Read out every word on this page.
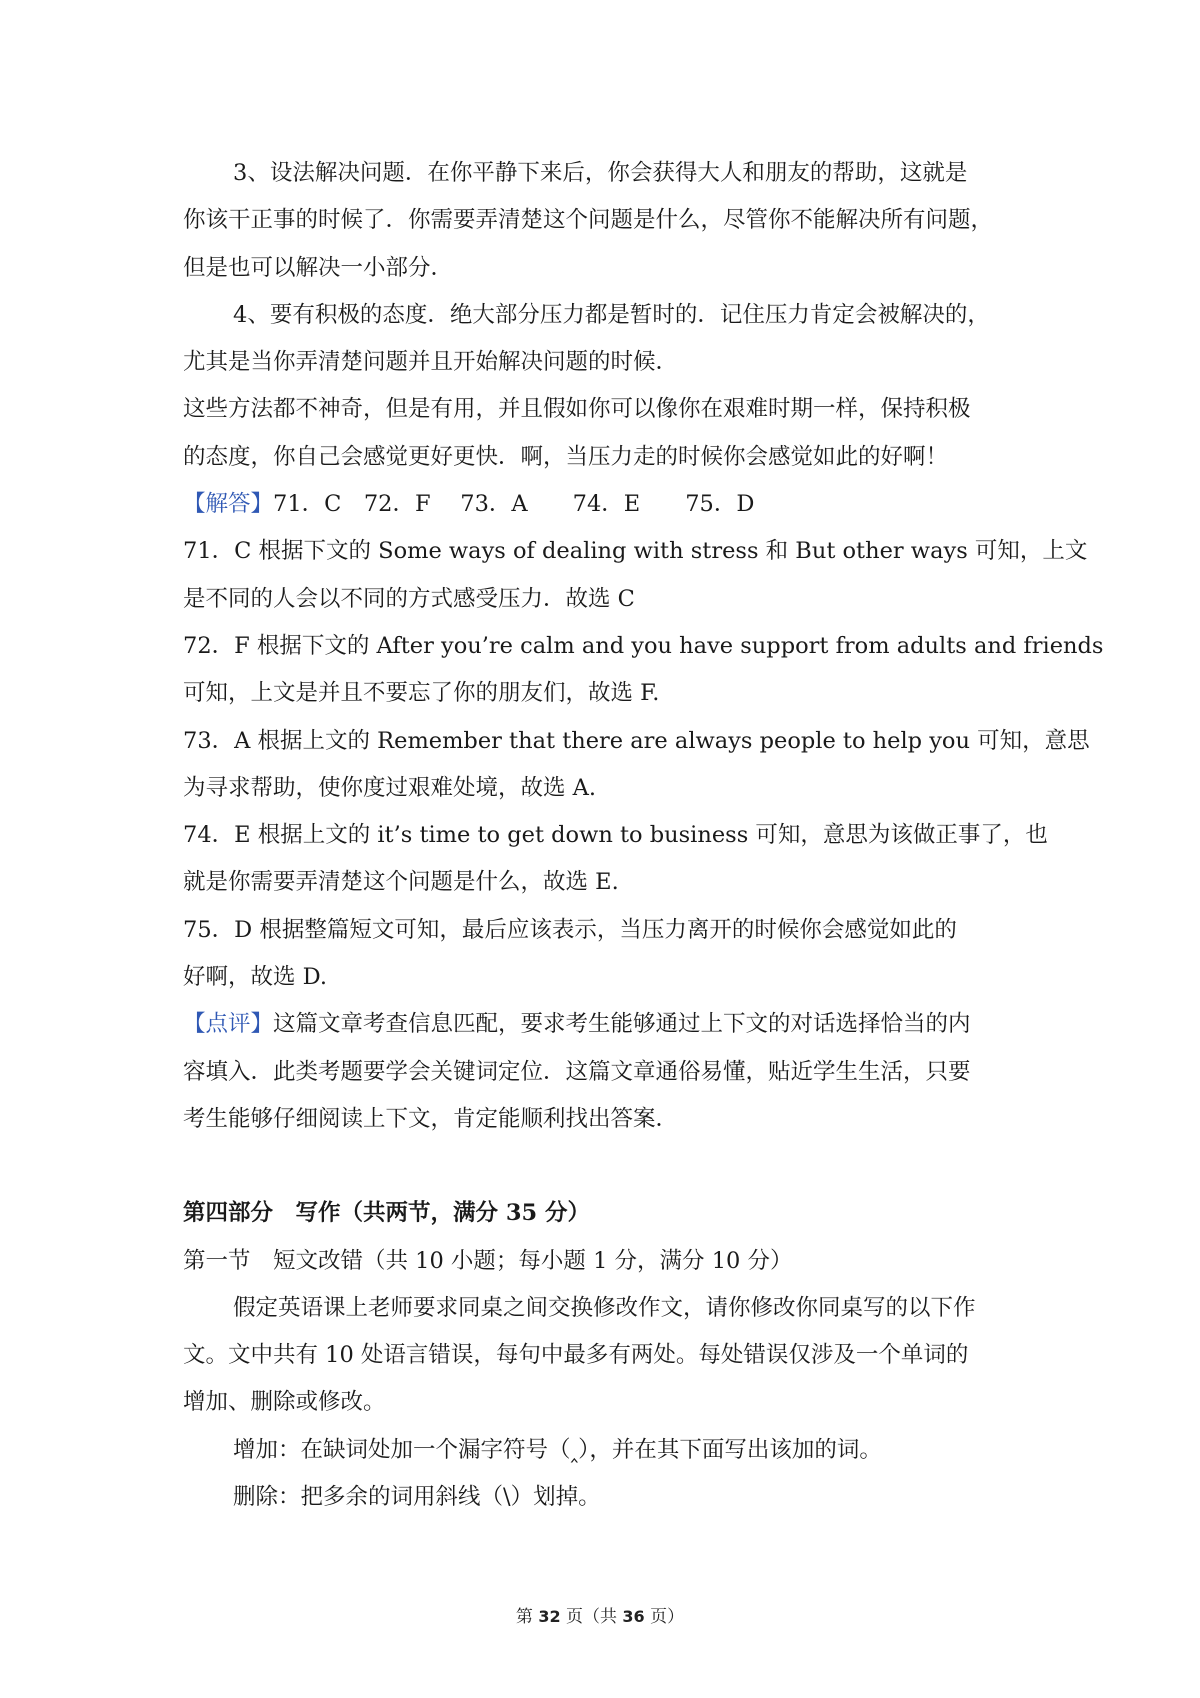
3、设法解决问题．在你平静下来后，你会获得大人和朋友的帮助，这就是
你该干正事的时候了．你需要弄清楚这个问题是什么，尽管你不能解决所有问题，
但是也可以解决一小部分．
4、要有积极的态度．绝大部分压力都是暂时的．记住压力肯定会被解决的，
尤其是当你弄清楚问题并且开始解决问题的时候．
这些方法都不神奇，但是有用，并且假如你可以像你在艰难时期一样，保持积极
的态度，你自己会感觉更好更快．啊，当压力走的时候你会感觉如此的好啊！
【解答】71．C　72．F　 73．A　　74．E　　75．D
71．C 根据下文的 Some ways of dealing with stress 和 But other ways 可知，上文
是不同的人会以不同的方式感受压力．故选 C
72．F 根据下文的 After you’re calm and you have support from adults and friends
可知，上文是并且不要忘了你的朋友们，故选 F.
73．A 根据上文的 Remember that there are always people to help you 可知，意思
为寻求帮助，使你度过艰难处境，故选 A.
74．E 根据上文的 it’s time to get down to business 可知，意思为该做正事了，也
就是你需要弄清楚这个问题是什么，故选 E.
75．D 根据整篇短文可知，最后应该表示，当压力离开的时候你会感觉如此的
好啊，故选 D.
【点评】这篇文章考查信息匹配，要求考生能够通过上下文的对话选择恰当的内
容填入．此类考题要学会关键词定位．这篇文章通俗易懂，贴近学生生活，只要
考生能够仔细阅读上下文，肯定能顺利找出答案．
第四部分　写作（共两节，满分 35 分）
第一节　短文改错（共 10 小题；每小题 1 分，满分 10 分）
假定英语课上老师要求同桌之间交换修改作文，请你修改你同桌写的以下作
文。文中共有 10 处语言错误，每句中最多有两处。每处错误仅涉及一个单词的
增加、删除或修改。
增加：在缺词处加一个漏字符号（‸），并在其下面写出该加的词。
删除：把多余的词用斜线（\）划掉。
第 32 页（共 36 页）
